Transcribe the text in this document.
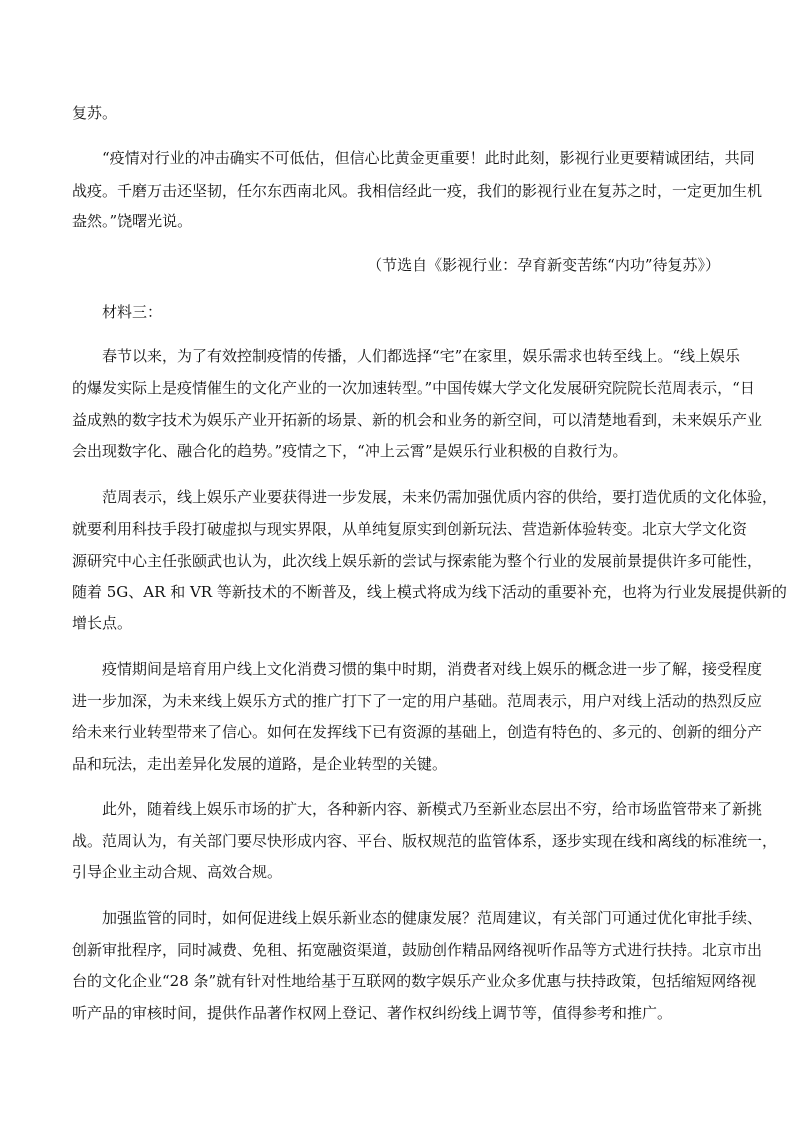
复苏。
“疫情对行业的冲击确实不可低估，但信心比黄金更重要！此时此刻，影视行业更要精诚团结，共同
战疫。千磨万击还坚韧，任尔东西南北风。我相信经此一疫，我们的影视行业在复苏之时，一定更加生机
盎然。”饶曙光说。
（节选自《影视行业：孕育新变苦练“内功”待复苏》）
材料三：
春节以来，为了有效控制疫情的传播，人们都选择“宅”在家里，娱乐需求也转至线上。“线上娱乐
的爆发实际上是疫情催生的文化产业的一次加速转型。”中国传媒大学文化发展研究院院长范周表示，“日
益成熟的数字技术为娱乐产业开拓新的场景、新的机会和业务的新空间，可以清楚地看到，未来娱乐产业
会出现数字化、融合化的趋势。”疫情之下，“冲上云霄”是娱乐行业积极的自救行为。
范周表示，线上娱乐产业要获得进一步发展，未来仍需加强优质内容的供给，要打造优质的文化体验，
就要利用科技手段打破虚拟与现实界限，从单纯复原实到创新玩法、营造新体验转变。北京大学文化资
源研究中心主任张颐武也认为，此次线上娱乐新的尝试与探索能为整个行业的发展前景提供许多可能性，
随着 5G、AR 和 VR 等新技术的不断普及，线上模式将成为线下活动的重要补充，也将为行业发展提供新的
增长点。
疫情期间是培育用户线上文化消费习惯的集中时期，消费者对线上娱乐的概念进一步了解，接受程度
进一步加深，为未来线上娱乐方式的推广打下了一定的用户基础。范周表示，用户对线上活动的热烈反应
给未来行业转型带来了信心。如何在发挥线下已有资源的基础上，创造有特色的、多元的、创新的细分产
品和玩法，走出差异化发展的道路，是企业转型的关键。
此外，随着线上娱乐市场的扩大，各种新内容、新模式乃至新业态层出不穷，给市场监管带来了新挑
战。范周认为，有关部门要尽快形成内容、平台、版权规范的监管体系，逐步实现在线和离线的标准统一，
引导企业主动合规、高效合规。
加强监管的同时，如何促进线上娱乐新业态的健康发展？范周建议，有关部门可通过优化审批手续、
创新审批程序，同时减费、免租、拓宽融资渠道，鼓励创作精品网络视听作品等方式进行扶持。北京市出
台的文化企业“28 条”就有针对性地给基于互联网的数字娱乐产业众多优惠与扶持政策，包括缩短网络视
听产品的审核时间，提供作品著作权网上登记、著作权纠纷线上调节等，值得参考和推广。
